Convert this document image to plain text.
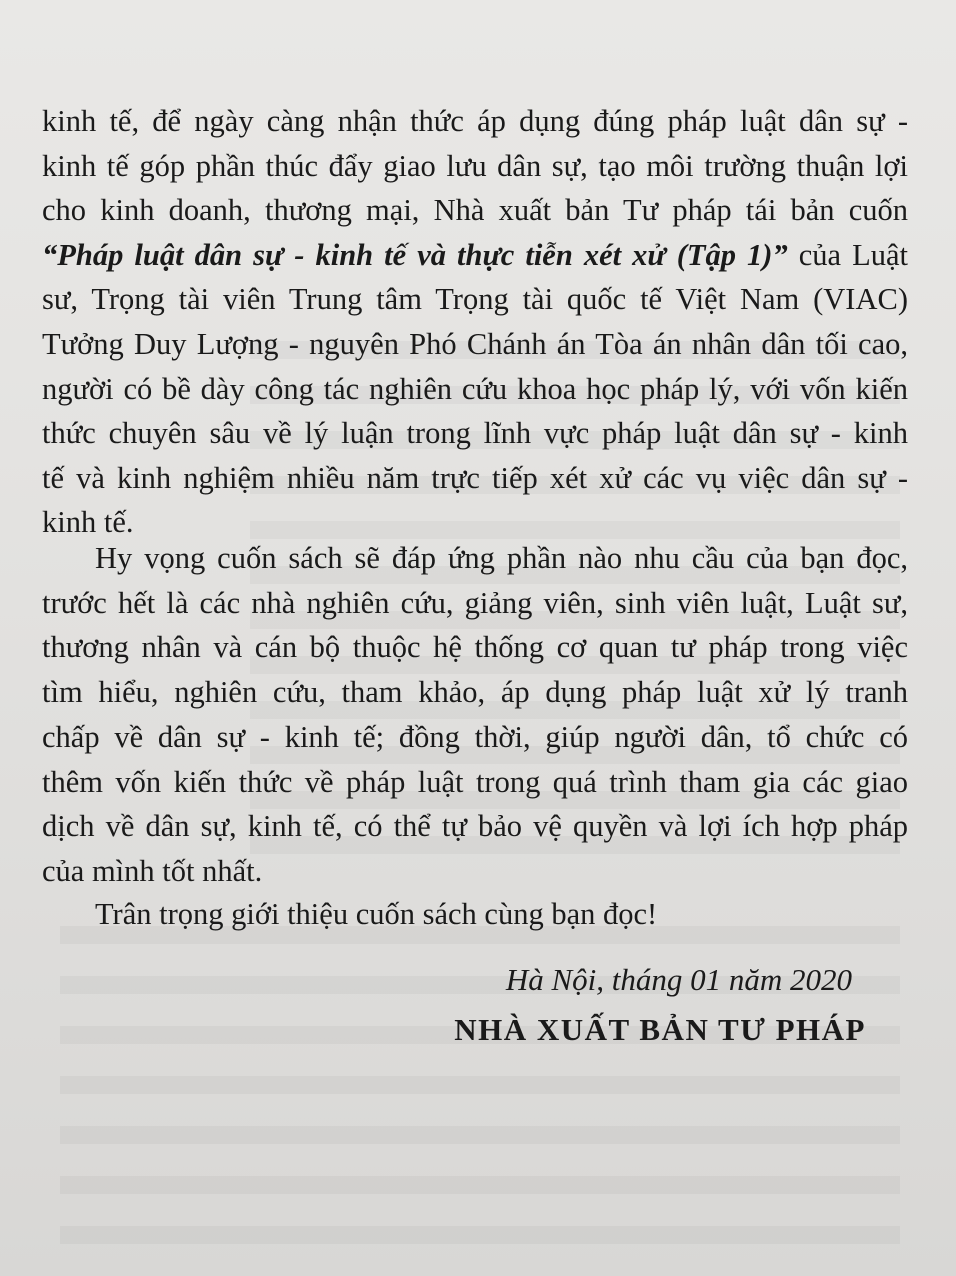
kinh tế, để ngày càng nhận thức áp dụng đúng pháp luật dân sự -
kinh tế góp phần thúc đẩy giao lưu dân sự, tạo môi trường thuận lợi
cho kinh doanh, thương mại, Nhà xuất bản Tư pháp tái bản cuốn
“Pháp luật dân sự - kinh tế và thực tiễn xét xử (Tập 1)” của Luật
sư, Trọng tài viên Trung tâm Trọng tài quốc tế Việt Nam (VIAC)
Tưởng Duy Lượng - nguyên Phó Chánh án Tòa án nhân dân tối cao,
người có bề dày công tác nghiên cứu khoa học pháp lý, với vốn kiến
thức chuyên sâu về lý luận trong lĩnh vực pháp luật dân sự - kinh
tế và kinh nghiệm nhiều năm trực tiếp xét xử các vụ việc dân sự -
kinh tế.
Hy vọng cuốn sách sẽ đáp ứng phần nào nhu cầu của bạn đọc,
trước hết là các nhà nghiên cứu, giảng viên, sinh viên luật, Luật sư,
thương nhân và cán bộ thuộc hệ thống cơ quan tư pháp trong việc
tìm hiểu, nghiên cứu, tham khảo, áp dụng pháp luật xử lý tranh
chấp về dân sự - kinh tế; đồng thời, giúp người dân, tổ chức có
thêm vốn kiến thức về pháp luật trong quá trình tham gia các giao
dịch về dân sự, kinh tế, có thể tự bảo vệ quyền và lợi ích hợp pháp
của mình tốt nhất.
Trân trọng giới thiệu cuốn sách cùng bạn đọc!
Hà Nội, tháng 01 năm 2020
NHÀ XUẤT BẢN TƯ PHÁP
